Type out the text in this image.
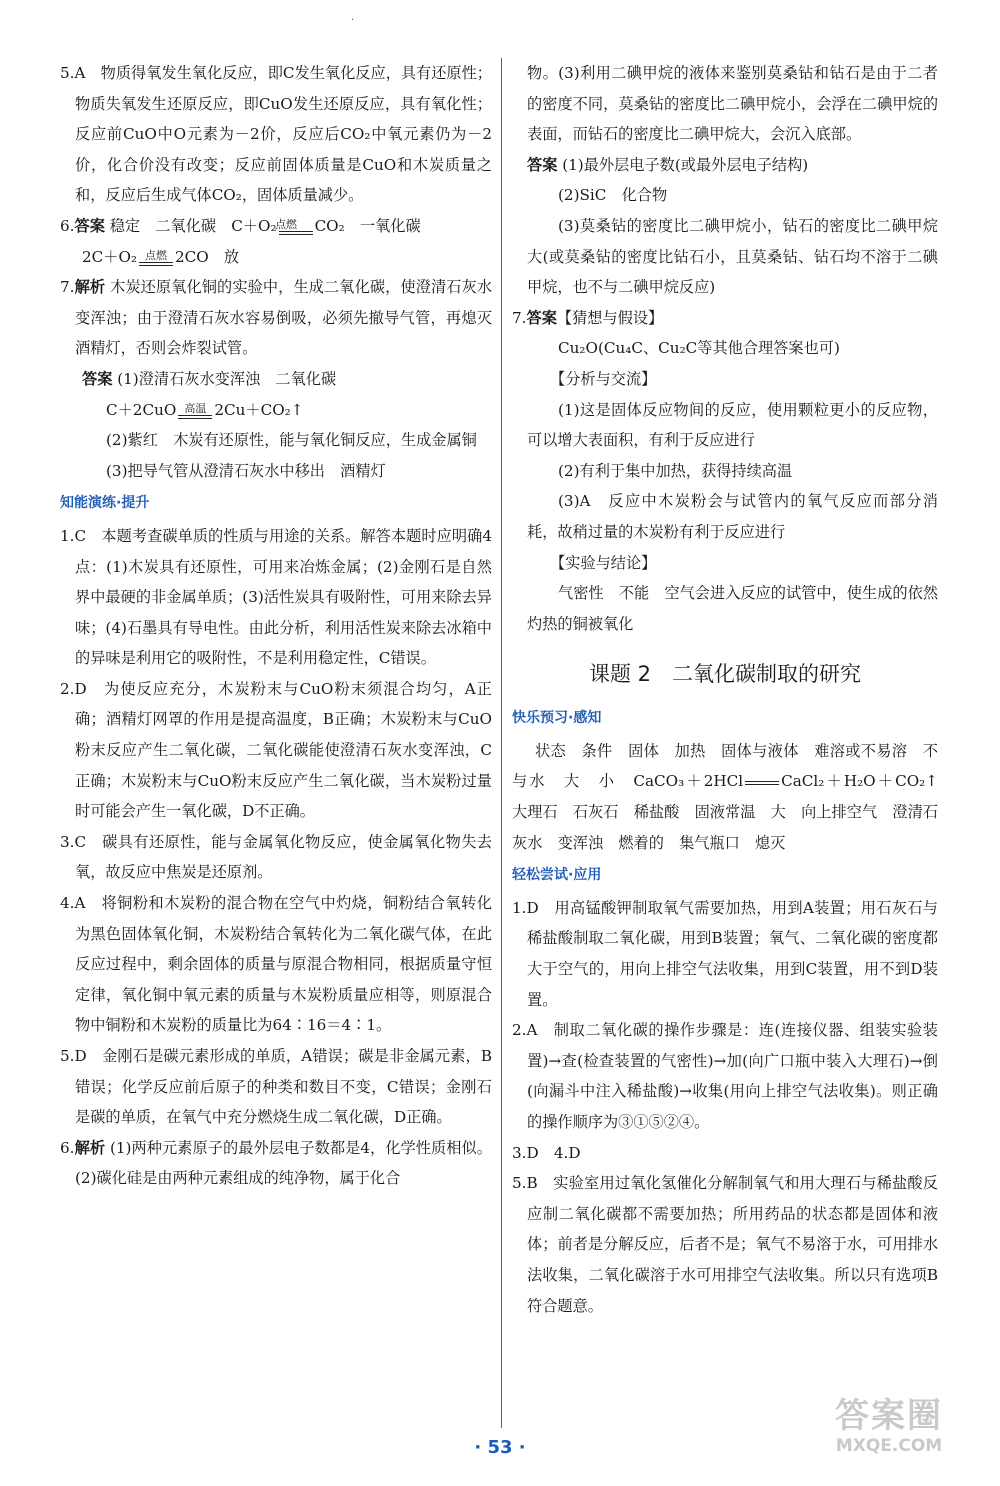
·

5.A　物质得氧发生氧化反应，即C发生氧化反应，具有还原性；物质失氧发生还原反应，即CuO发生还原反应，具有氧化性；反应前CuO中O元素为－2价，反应后CO₂中氧元素仍为－2价，化合价没有改变；反应前固体质量是CuO和木炭质量之和，反应后生成气体CO₂，固体质量减少。

6.答案 稳定　二氧化碳　C＋O₂
点燃 CO₂　一氧化碳

2C＋O₂ 点燃 2CO　放

7.解析 木炭还原氧化铜的实验中，生成二氧化碳，使澄清石灰水变浑浊；由于澄清石灰水容易倒吸，必须先撤导气管，再熄灭酒精灯，否则会炸裂试管。

答案 (1)澄清石灰水变浑浊　二氧化碳

C＋2CuO 高温 2Cu＋CO₂↑

(2)紫红　木炭有还原性，能与氧化铜反应，生成金属铜

(3)把导气管从澄清石灰水中移出　酒精灯

知能演练·提升

1.C　本题考查碳单质的性质与用途的关系。解答本题时应明确4点：(1)木炭具有还原性，可用来冶炼金属；(2)金刚石是自然界中最硬的非金属单质；(3)活性炭具有吸附性，可用来除去异味；(4)石墨具有导电性。由此分析，利用活性炭来除去冰箱中的异味是利用它的吸附性，不是利用稳定性，C错误。

2.D　为使反应充分，木炭粉末与CuO粉末须混合均匀，A正确；酒精灯网罩的作用是提高温度，B正确；木炭粉末与CuO粉末反应产生二氧化碳，二氧化碳能使澄清石灰水变浑浊，C正确；木炭粉末与CuO粉末反应产生二氧化碳，当木炭粉过量时可能会产生一氧化碳，D不正确。

3.C　碳具有还原性，能与金属氧化物反应，使金属氧化物失去氧，故反应中焦炭是还原剂。

4.A　将铜粉和木炭粉的混合物在空气中灼烧，铜粉结合氧转化为黑色固体氧化铜，木炭粉结合氧转化为二氧化碳气体，在此反应过程中，剩余固体的质量与原混合物相同，根据质量守恒定律，氧化铜中氧元素的质量与木炭粉质量应相等，则原混合物中铜粉和木炭粉的质量比为64∶16＝4∶1。

5.D　金刚石是碳元素形成的单质，A错误；碳是非金属元素，B错误；化学反应前后原子的种类和数目不变，C错误；金刚石是碳的单质，在氧气中充分燃烧生成二氧化碳，D正确。

6.解析 (1)两种元素原子的最外层电子数都是4，化学性质相似。(2)碳化硅是由两种元素组成的纯净物，属于化合

物。(3)利用二碘甲烷的液体来鉴别莫桑钻和钻石是由于二者的密度不同，莫桑钻的密度比二碘甲烷小，会浮在二碘甲烷的表面，而钻石的密度比二碘甲烷大，会沉入底部。

答案 (1)最外层电子数(或最外层电子结构)

(2)SiC　化合物

(3)莫桑钻的密度比二碘甲烷小，钻石的密度比二碘甲烷大(或莫桑钻的密度比钻石小，且莫桑钻、钻石均不溶于二碘甲烷，也不与二碘甲烷反应)

7.答案【猜想与假设】

Cu₂O(Cu₄C、Cu₂C等其他合理答案也可)

【分析与交流】

(1)这是固体反应物间的反应，使用颗粒更小的反应物，可以增大表面积，有利于反应进行

(2)有利于集中加热，获得持续高温

(3)A　反应中木炭粉会与试管内的氧气反应而部分消耗，故稍过量的木炭粉有利于反应进行

【实验与结论】

气密性　不能　空气会进入反应的试管中，使生成的依然灼热的铜被氧化

课题 2　二氧化碳制取的研究
快乐预习·感知

状态　条件　固体　加热　固体与液体　难溶或不易溶　不与水　大　小　CaCO₃＋2HCl	CaCl₂＋H₂O＋CO₂↑　大理石　石灰石　稀盐酸　固液常温　大　向上排空气　澄清石灰水　变浑浊　燃着的　集气瓶口　熄灭

轻松尝试·应用

1.D　用高锰酸钾制取氧气需要加热，用到A装置；用石灰石与稀盐酸制取二氧化碳，用到B装置；氧气、二氧化碳的密度都大于空气的，用向上排空气法收集，用到C装置，用不到D装置。

2.A　制取二氧化碳的操作步骤是：连(连接仪器、组装实验装置)→查(检查装置的气密性)→加(向广口瓶中装入大理石)→倒(向漏斗中注入稀盐酸)→收集(用向上排空气法收集)。则正确的操作顺序为③①⑤②④。

3.D　4.D

5.B　实验室用过氧化氢催化分解制氧气和用大理石与稀盐酸反应制二氧化碳都不需要加热；所用药品的状态都是固体和液体；前者是分解反应，后者不是；氧气不易溶于水，可用排水法收集，二氧化碳溶于水可用排空气法收集。所以只有选项B符合题意。

· 53 ·
答案圈
MXQE.COM
